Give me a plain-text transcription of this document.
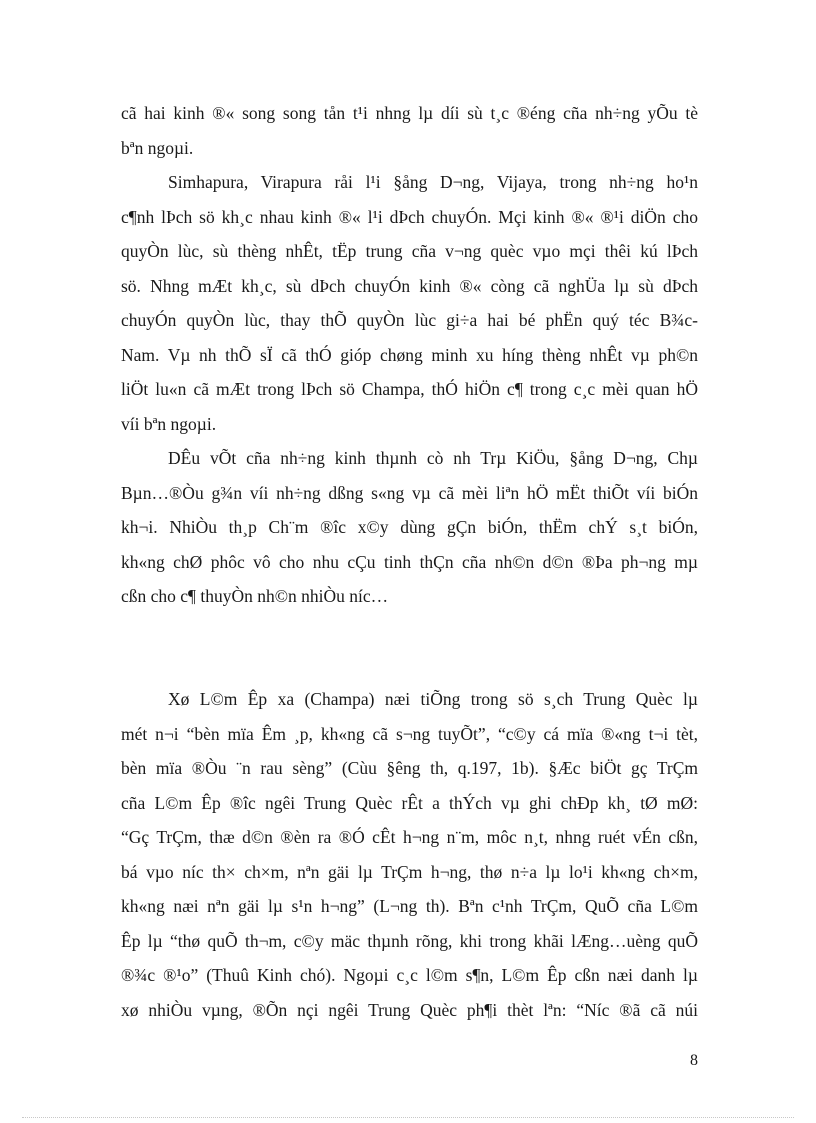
cã hai kinh ®« song song tån t¹i nhng lµ díi sù t¸c ®éng cña nh÷ng yÕu tè
bªn ngoµi.
Simhapura, Virapura råi l¹i §ång D¬ng, Vijaya, trong nh÷ng ho¹n
c¶nh lÞch sö kh¸c nhau kinh ®« l¹i dÞch chuyÓn. Mçi kinh ®« ®¹i diÖn cho
quyÒn lùc, sù thèng nhÊt, tËp trung cña v¬ng quèc vµo mçi thêi kú lÞch
sö. Nhng mÆt kh¸c, sù dÞch chuyÓn kinh ®« còng cã nghÜa lµ sù dÞch
chuyÓn quyÒn lùc, thay thÕ quyÒn lùc gi÷a hai bé phËn quý téc B¾c-
Nam. Vµ nh thÕ sÏ cã thÓ gióp chøng minh xu híng thèng nhÊt vµ ph©n
liÖt lu«n cã mÆt trong lÞch sö Champa, thÓ hiÖn c¶ trong c¸c mèi quan hÖ
víi bªn ngoµi.
DÊu vÕt cña nh÷ng kinh thµnh cò nh Trµ KiÖu, §ång D¬ng, Chµ
Bµn…®Òu g¾n víi nh÷ng dßng s«ng vµ cã mèi liªn hÖ mËt thiÕt víi biÓn
kh¬i. NhiÒu th¸p Ch¨m ®îc x©y dùng gÇn biÓn, thËm chÝ s¸t biÓn,
kh«ng chØ phôc vô cho nhu cÇu tinh thÇn cña nh©n d©n ®Þa ph¬ng mµ
cßn cho c¶ thuyÒn nh©n nhiÒu níc…
Xø L©m Êp xa (Champa) næi tiÕng trong sö s¸ch Trung Quèc lµ
mét n¬i “bèn mïa Êm ¸p, kh«ng cã s¬ng tuyÕt”, “c©y cá mïa ®«ng t¬i tèt,
bèn mïa ®Òu ¨n rau sèng” (Cùu §êng th, q.197, 1b). §Æc biÖt gç TrÇm
cña L©m Êp ®îc ngêi Trung Quèc rÊt a thÝch vµ ghi chÐp kh¸ tØ mØ:
“Gç TrÇm, thæ d©n ®èn ra ®Ó cÊt h¬ng n¨m, môc n¸t, nhng ruét vÉn cßn,
bá vµo níc th× ch×m, nªn gäi lµ TrÇm h¬ng, thø n÷a lµ lo¹i kh«ng ch×m,
kh«ng næi nªn gäi lµ s¹n h¬ng” (L¬ng th). Bªn c¹nh TrÇm, QuÕ cña L©m
Êp lµ “thø quÕ th¬m, c©y mäc thµnh rõng, khi trong khãi lÆng…uèng quÕ
®¾c ®¹o” (Thuû Kinh chó). Ngoµi c¸c l©m s¶n, L©m Êp cßn næi danh lµ
xø nhiÒu vµng, ®Õn nçi ngêi Trung Quèc ph¶i thèt lªn: “Níc ®ã cã núi
8
